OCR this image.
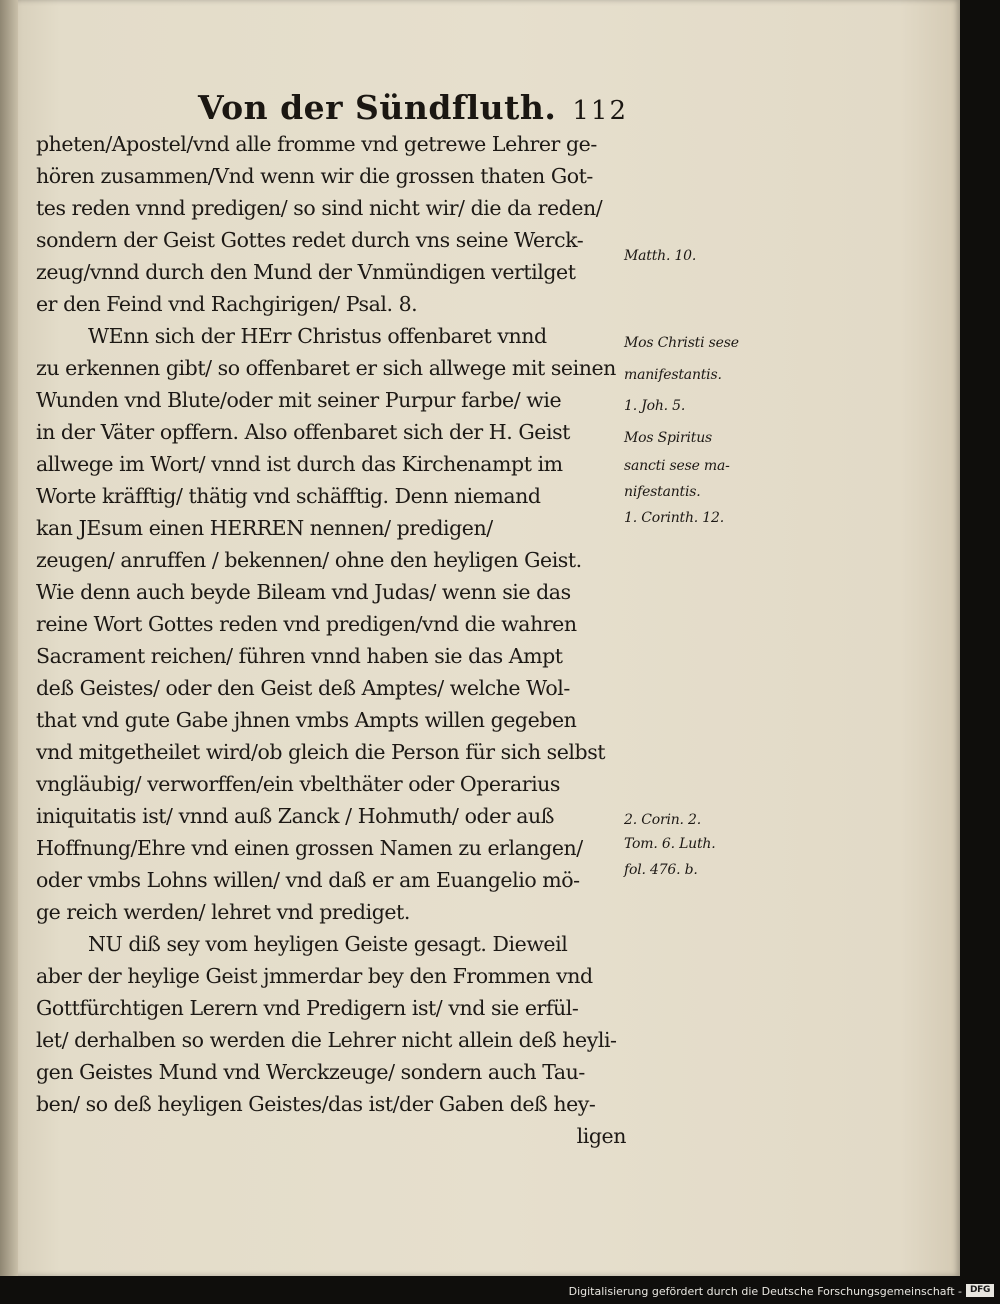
Von der Sündfluth. 112
pheten/Apostel/vnd alle fromme vnd getrewe Lehrer ge-
hören zusammen/Vnd wenn wir die grossen thaten Got-
tes reden vnnd predigen/ so sind nicht wir/ die da reden/
sondern der Geist Gottes redet durch vns seine Werck-
zeug/vnnd durch den Mund der Vnmündigen vertilget
er den Feind vnd Rachgirigen/ Psal. 8.
WEnn sich der HErr Christus offenbaret vnnd
zu erkennen gibt/ so offenbaret er sich allwege mit seinen
Wunden vnd Blute/oder mit seiner Purpur farbe/ wie
in der Väter opffern. Also offenbaret sich der H. Geist
allwege im Wort/ vnnd ist durch das Kirchenampt im
Worte kräfftig/ thätig vnd schäfftig. Denn niemand
kan JEsum einen HERREN nennen/ predigen/
zeugen/ anruffen / bekennen/ ohne den heyligen Geist.
Wie denn auch beyde Bileam vnd Judas/ wenn sie das
reine Wort Gottes reden vnd predigen/vnd die wahren
Sacrament reichen/ führen vnnd haben sie das Ampt
deß Geistes/ oder den Geist deß Amptes/ welche Wol-
that vnd gute Gabe jhnen vmbs Ampts willen gegeben
vnd mitgetheilet wird/ob gleich die Person für sich selbst
vngläubig/ verworffen/ein vbelthäter oder Operarius
iniquitatis ist/ vnnd auß Zanck / Hohmuth/ oder auß
Hoffnung/Ehre vnd einen grossen Namen zu erlangen/
oder vmbs Lohns willen/ vnd daß er am Euangelio mö-
ge reich werden/ lehret vnd prediget.
NU diß sey vom heyligen Geiste gesagt. Dieweil
aber der heylige Geist jmmerdar bey den Frommen vnd
Gottfürchtigen Lerern vnd Predigern ist/ vnd sie erfül-
let/ derhalben so werden die Lehrer nicht allein deß heyli-
gen Geistes Mund vnd Werckzeuge/ sondern auch Tau-
ben/ so deß heyligen Geistes/das ist/der Gaben deß hey-
ligen
Matth. 10.
Mos Christi sese
manifestantis.
1. Joh. 5.
Mos Spiritus
sancti sese ma-
nifestantis.
1. Corinth. 12.
2. Corin. 2.
Tom. 6. Luth.
fol. 476. b.
Digitalisierung gefördert durch die Deutsche Forschungsgemeinschaft - DFG
